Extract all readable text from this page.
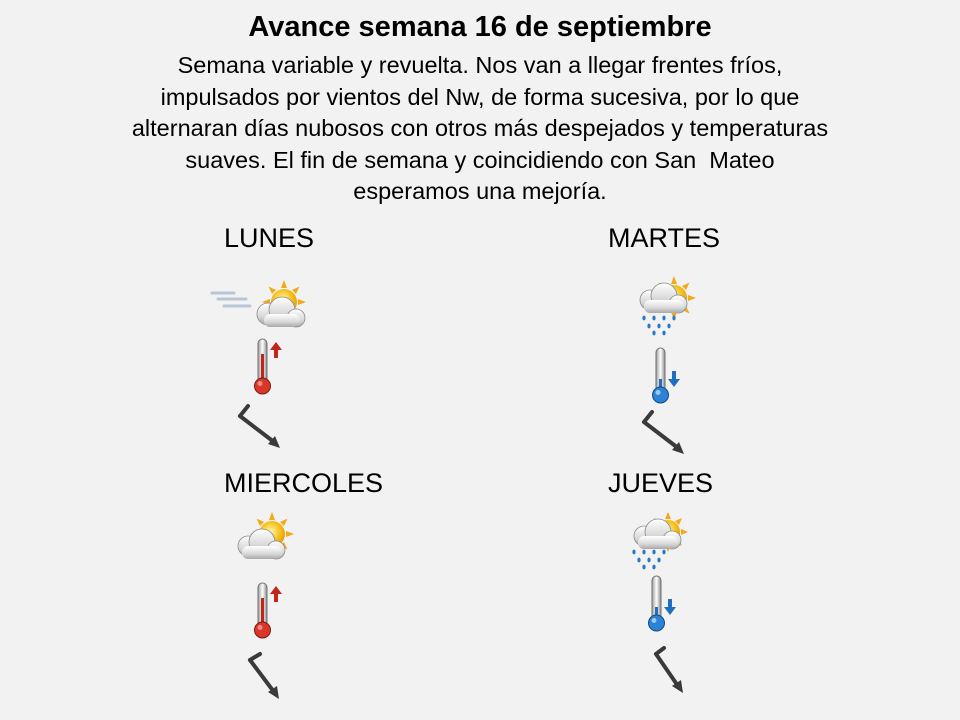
Avance semana 16 de septiembre
Semana variable y revuelta. Nos van a llegar frentes fríos,
impulsados por vientos del Nw, de forma sucesiva, por lo que
alternaran días nubosos con otros más despejados y temperaturas
suaves. El fin de semana y coincidiendo con San  Mateo
esperamos una mejoría.
LUNES	MARTES
MIERCOLES	JUEVES
